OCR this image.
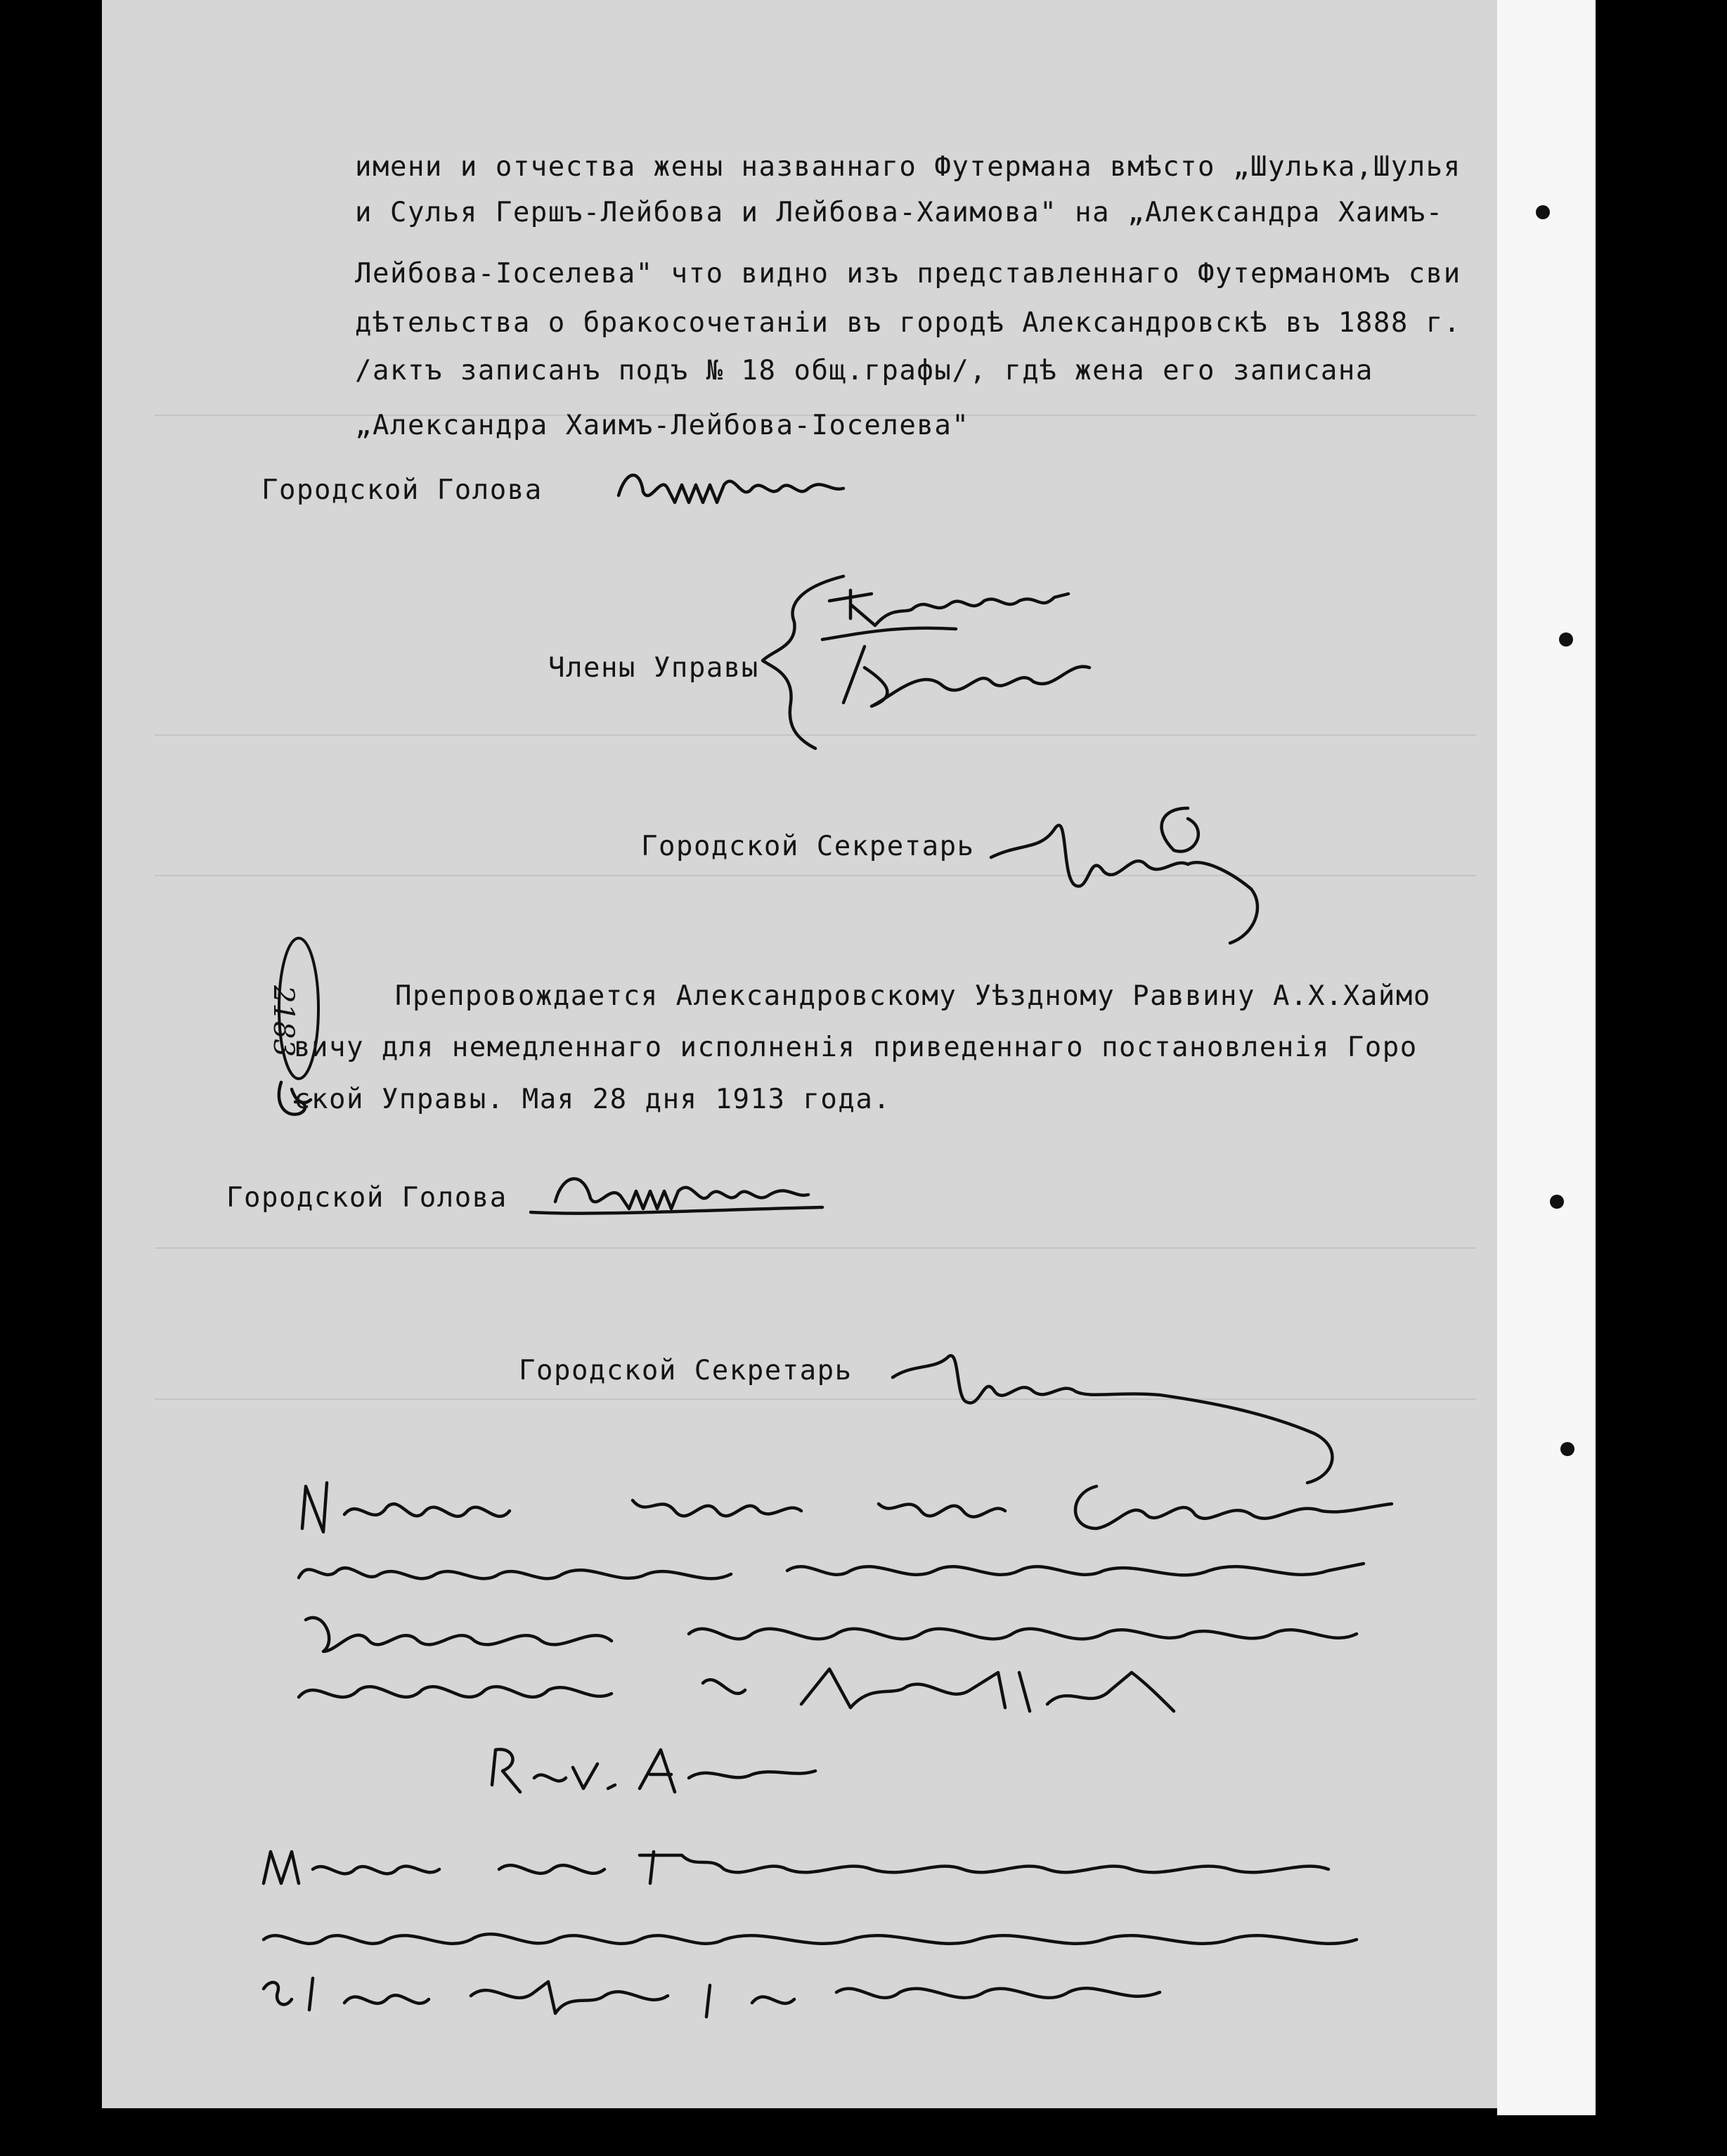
имени и отчества жены названнаго Футермана вмѣсто „Шулька,Шулья
и Сулья Гершъ-Лейбова и Лейбова-Хаимова" на „Александра Хаимъ-
Лейбова-Іоселева" что видно изъ представленнаго Футерманомъ сви
дѣтельства о бракосочетаніи въ городѣ Александровскѣ въ 1888 г.
/актъ записанъ подъ № 18 общ.графы/, гдѣ жена его записана
„Александра Хаимъ-Лейбова-Іоселева"
Городской Голова
Члены Управы
Городской Секретарь
2183	Препровождается Александровскому Уѣздному Раввину А.Х.Хаймо
вичу для немедленнаго исполненія приведеннаго постановленія Горо
ской Управы. Мая 28 дня 1913 года.
Городской Голова
Городской Секретарь
